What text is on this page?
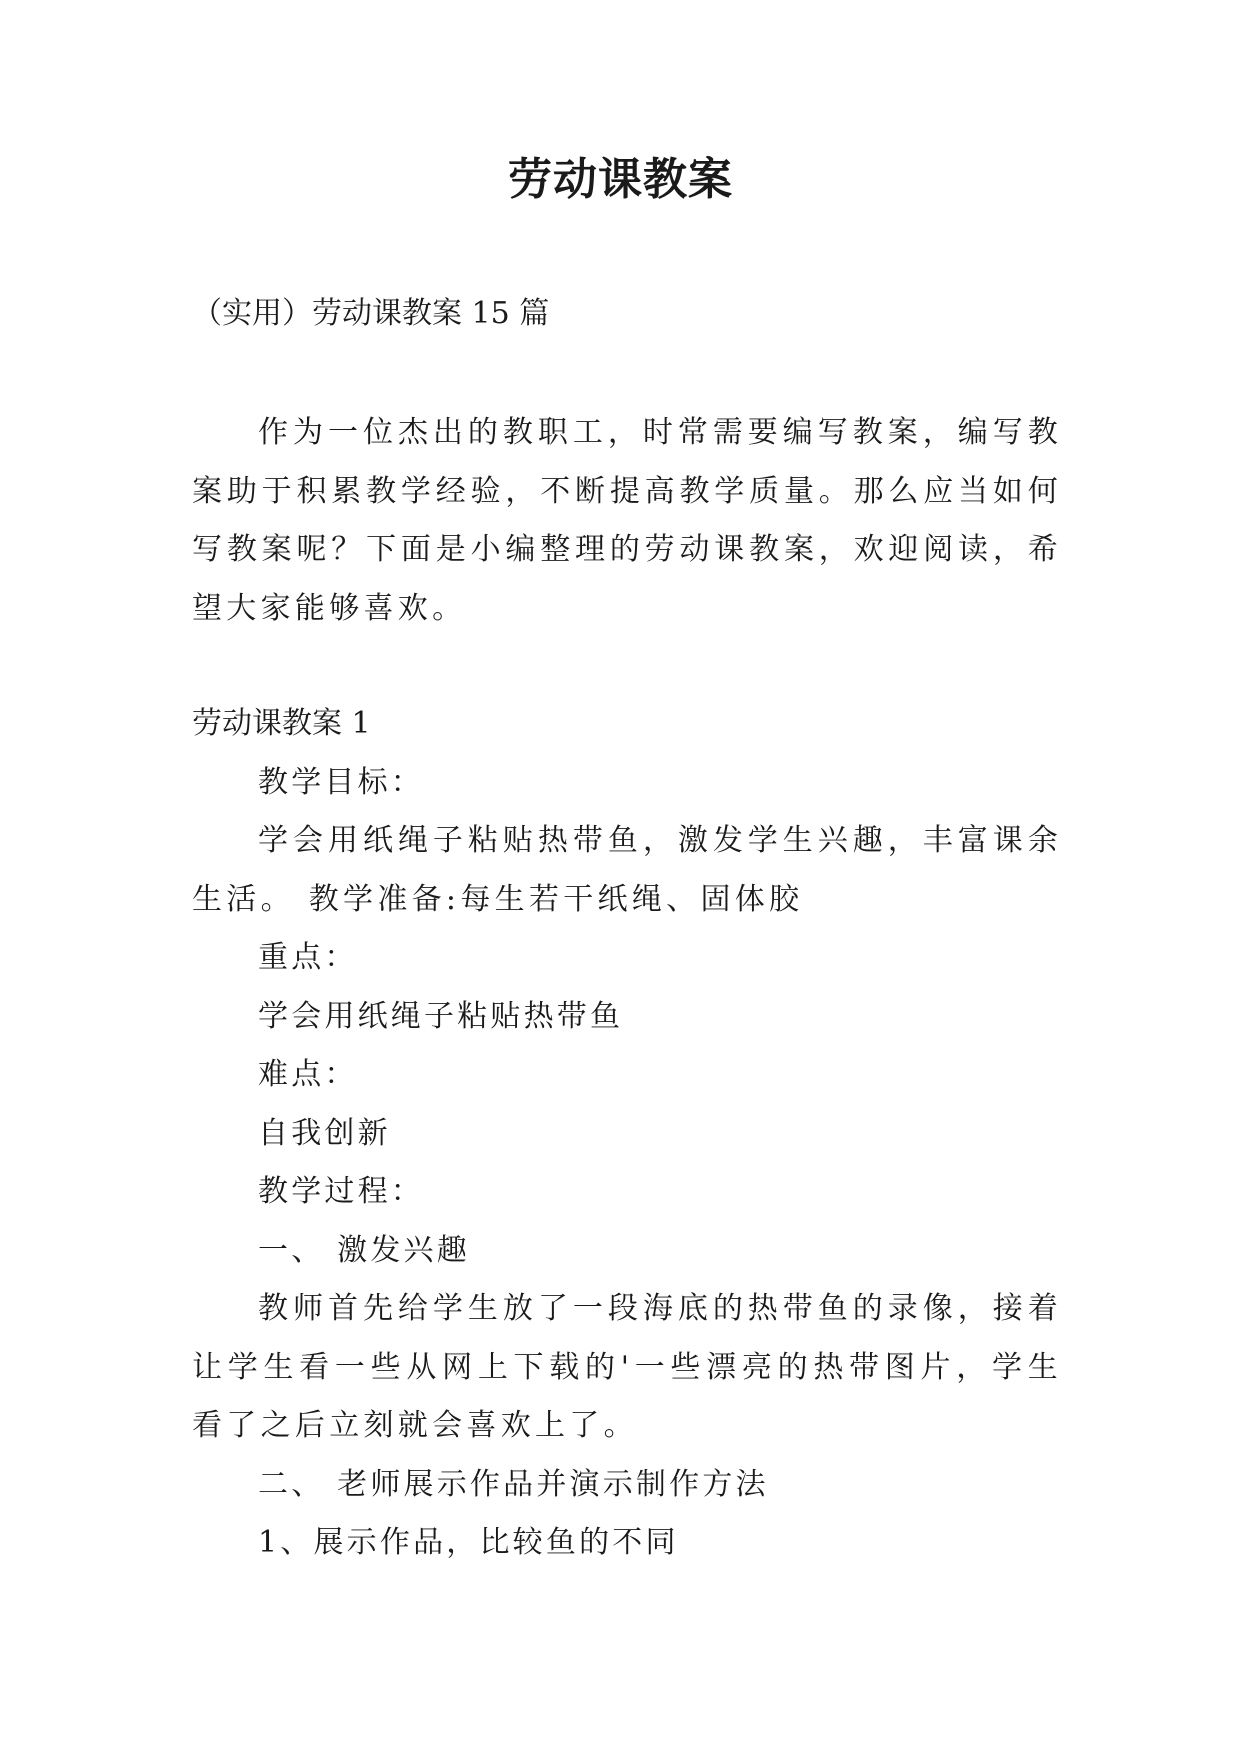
劳动课教案
（实用）劳动课教案 15 篇

作为一位杰出的教职工，时常需要编写教案，编写教案助于积累教学经验，不断提高教学质量。那么应当如何写教案呢？下面是小编整理的劳动课教案，欢迎阅读，希望大家能够喜欢。

劳动课教案 1

教学目标：

学会用纸绳子粘贴热带鱼，激发学生兴趣，丰富课余生活。 教学准备:每生若干纸绳、固体胶

重点：

学会用纸绳子粘贴热带鱼

难点：

自我创新

教学过程：

一、 激发兴趣

教师首先给学生放了一段海底的热带鱼的录像，接着让学生看一些从网上下载的'一些漂亮的热带图片，学生看了之后立刻就会喜欢上了。

二、 老师展示作品并演示制作方法

1、展示作品，比较鱼的不同
